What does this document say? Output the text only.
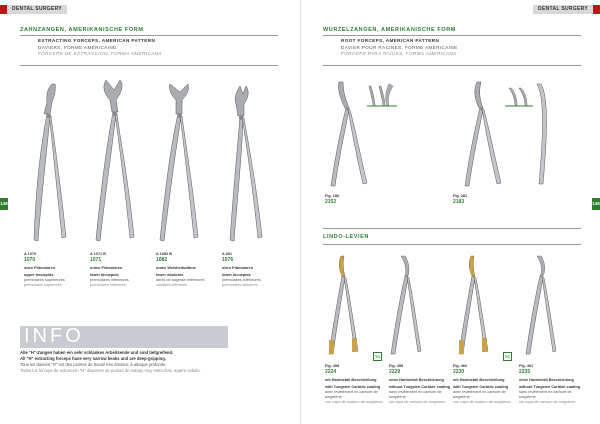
DENTAL SURGERY
ZAHNZANGEN, AMERIKANISCHE FORM
EXTRACTING FORCEPS, AMERICAN PATTERN
DAVIERS, FORME AMÉRICAINE
FÓRCEPS DE EXTRACCIÓN, FORMA AMERICANA
148
A 1070
1070
oben Prämolaren
upper bicuspids
prémolaires supérieures
premolares superiores
A 1071 B
1071
unten Prämolaren
lower bicuspids
prémolaires inférieures
premolares inferiores
A 1082 B
1082
unten Weisheitszähne
lower wisdoms
dents de sagesse inférieures
cordales inferiores
A 891
1076
oben Prämolaren
lower bicuspids
prémolaires inférieures
premolares inferiores
INFO
Alle "H"-Zangen haben ein sehr schlankes Arbeitsende und sind tiefgreifend.
All "H" extracting forceps have very narrow beaks and are deep-gripping.
Tous les daviers "H" ont des pointes de travail très étroites, à attaque profonde.
Todos los fórceps de extracción "H" disponen de puntas de trabajo muy estrechas, agarre calado.
DENTAL SURGERY
WURZELZANGEN, AMERIKANISCHE FORM
ROOT FORCEPS, AMERICAN PATTERN
DAVIER POUR RACINES, FORME AMÉRICAINE
FÓRCEPS PARA RAÍCES, FORMA AMERICANA
149
Fig. 186
2152
Fig. 281
2183
LINDO-LEVIEN
TC	TC
Fig. 458
2224
mit Hartmetall Beschichtung
with Tungsten Carbide coating
avec revêtement en carbure de tungstène
con capa de carburo de tungsteno
Fig. 459
2229
ohne Hartmetall Beschichtung
without Tungsten Carbide coating
sans revêtement en carbure de tungstène
sin capa de carburo de tungsteno
Fig. 460
2230
mit Hartmetall Beschichtung
with Tungsten Carbide coating
avec revêtement en carbure de tungstène
con capa de carburo de tungsteno
Fig. 461
2235
ohne Hartmetall Beschichtung
without Tungsten Carbide coating
sans revêtement en carbure de tungstène
sin capa de carburo de tungsteno
